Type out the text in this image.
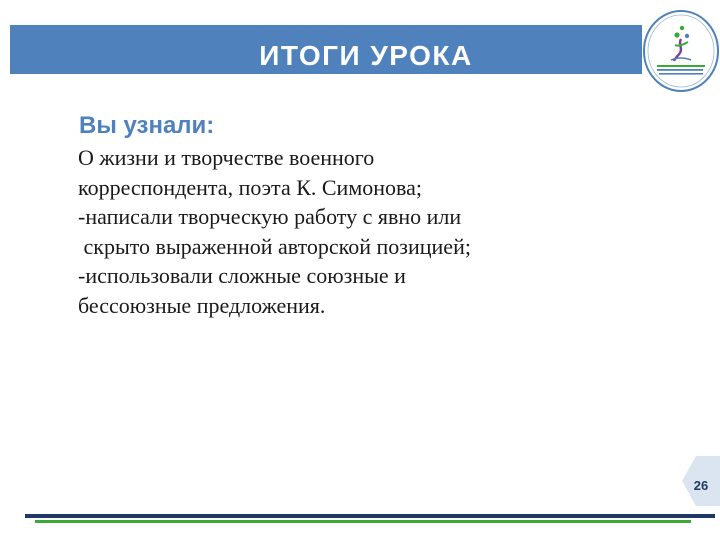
ИТОГИ УРОКА
Вы узнали:
О жизни и творчестве военного
корреспондента, поэта К. Симонова;
-написали творческую работу с явно или
скрыто выраженной авторской позицией;
-использовали сложные союзные и
бессоюзные предложения.
26
